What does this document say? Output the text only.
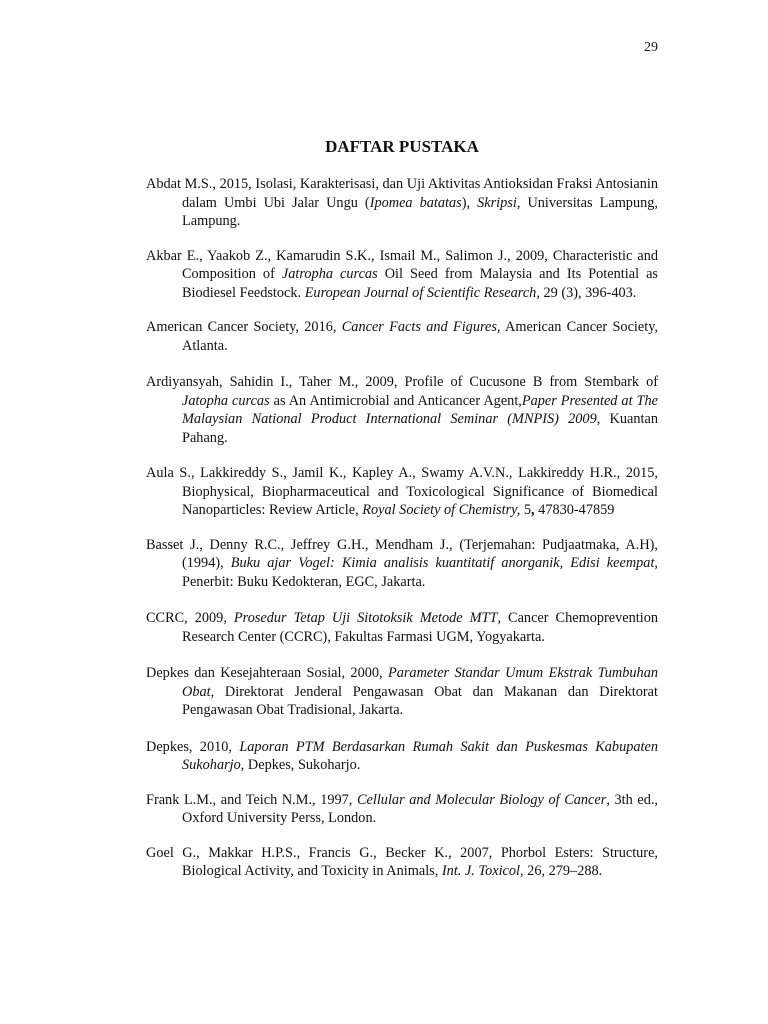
29
DAFTAR PUSTAKA

Abdat M.S., 2015, Isolasi, Karakterisasi, dan Uji Aktivitas Antioksidan Fraksi Antosianin dalam Umbi Ubi Jalar Ungu (Ipomea batatas), Skripsi, Universitas Lampung, Lampung.

Akbar E., Yaakob Z., Kamarudin S.K., Ismail M., Salimon J., 2009, Characteristic and Composition of Jatropha curcas Oil Seed from Malaysia and Its Potential as Biodiesel Feedstock. European Journal of Scientific Research, 29 (3), 396-403.

American Cancer Society, 2016, Cancer Facts and Figures, American Cancer Society, Atlanta.

Ardiyansyah, Sahidin I., Taher M., 2009, Profile of Cucusone B from Stembark of Jatopha curcas as An Antimicrobial and Anticancer Agent,Paper Presented at The Malaysian National Product International Seminar (MNPIS) 2009, Kuantan Pahang.

Aula S., Lakkireddy S., Jamil K., Kapley A., Swamy A.V.N., Lakkireddy H.R., 2015, Biophysical, Biopharmaceutical and Toxicological Significance of Biomedical Nanoparticles: Review Article, Royal Society of Chemistry, 5, 47830-47859

Basset J., Denny R.C., Jeffrey G.H., Mendham J., (Terjemahan: Pudjaatmaka, A.H), (1994), Buku ajar Vogel: Kimia analisis kuantitatif anorganik, Edisi keempat, Penerbit: Buku Kedokteran, EGC, Jakarta.

CCRC, 2009, Prosedur Tetap Uji Sitotoksik Metode MTT, Cancer Chemoprevention Research Center (CCRC), Fakultas Farmasi UGM, Yogyakarta.

Depkes dan Kesejahteraan Sosial, 2000, Parameter Standar Umum Ekstrak Tumbuhan Obat, Direktorat Jenderal Pengawasan Obat dan Makanan dan Direktorat Pengawasan Obat Tradisional, Jakarta.

Depkes, 2010, Laporan PTM Berdasarkan Rumah Sakit dan Puskesmas Kabupaten Sukoharjo, Depkes, Sukoharjo.

Frank L.M., and Teich N.M., 1997, Cellular and Molecular Biology of Cancer, 3th ed., Oxford University Perss, London.

Goel G., Makkar H.P.S., Francis G., Becker K., 2007, Phorbol Esters: Structure, Biological Activity, and Toxicity in Animals, Int. J. Toxicol, 26, 279–288.
